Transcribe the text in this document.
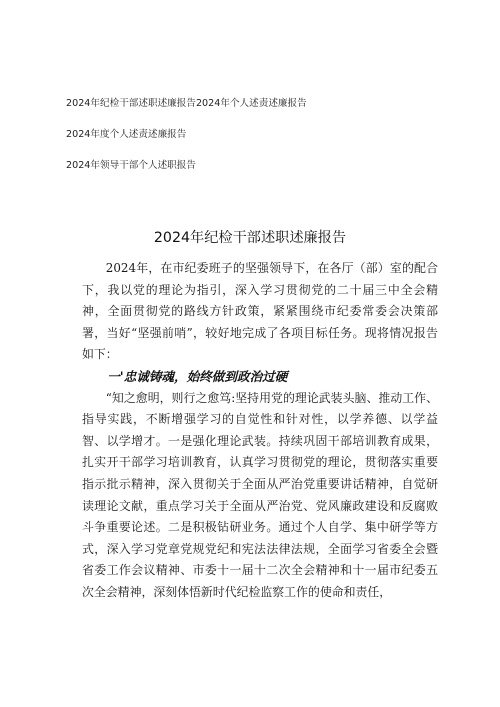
2024年纪检干部述职述廉报告2024年个人述责述廉报告
2024年度个人述责述廉报告
2024年领导干部个人述职报告
2024年纪检干部述职述廉报告

2024年，在市纪委班子的坚强领导下，在各厅（部）室的配合下，我以党的理论为指引，深入学习贯彻党的二十届三中全会精神，全面贯彻党的路线方针政策，紧紧围绕市纪委常委会决策部署，当好“坚强前哨”，较好地完成了各项目标任务。现将情况报告如下：

一'忠诚铸魂，始终做到政治过硬

“知之愈明，则行之愈笃:坚持用党的理论武装头脑、推动工作、指导实践，不断增强学习的自觉性和针对性，以学养德、以学益智、以学增才。一是强化理论武装。持续巩固干部培训教育成果，扎实开干部学习培训教育，认真学习贯彻党的理论，贯彻落实重要指示批示精神，深入贯彻关于全面从严治党重要讲话精神，自觉研读理论文献，重点学习关于全面从严治党、党风廉政建设和反腐败斗争重要论述。二是积极钻研业务。通过个人自学、集中研学等方式，深入学习党章党规党纪和宪法法律法规，全面学习省委全会暨省委工作会议精神、市委十一届十二次全会精神和十一届市纪委五次全会精神，深刻体悟新时代纪检监察工作的使命和责任，
